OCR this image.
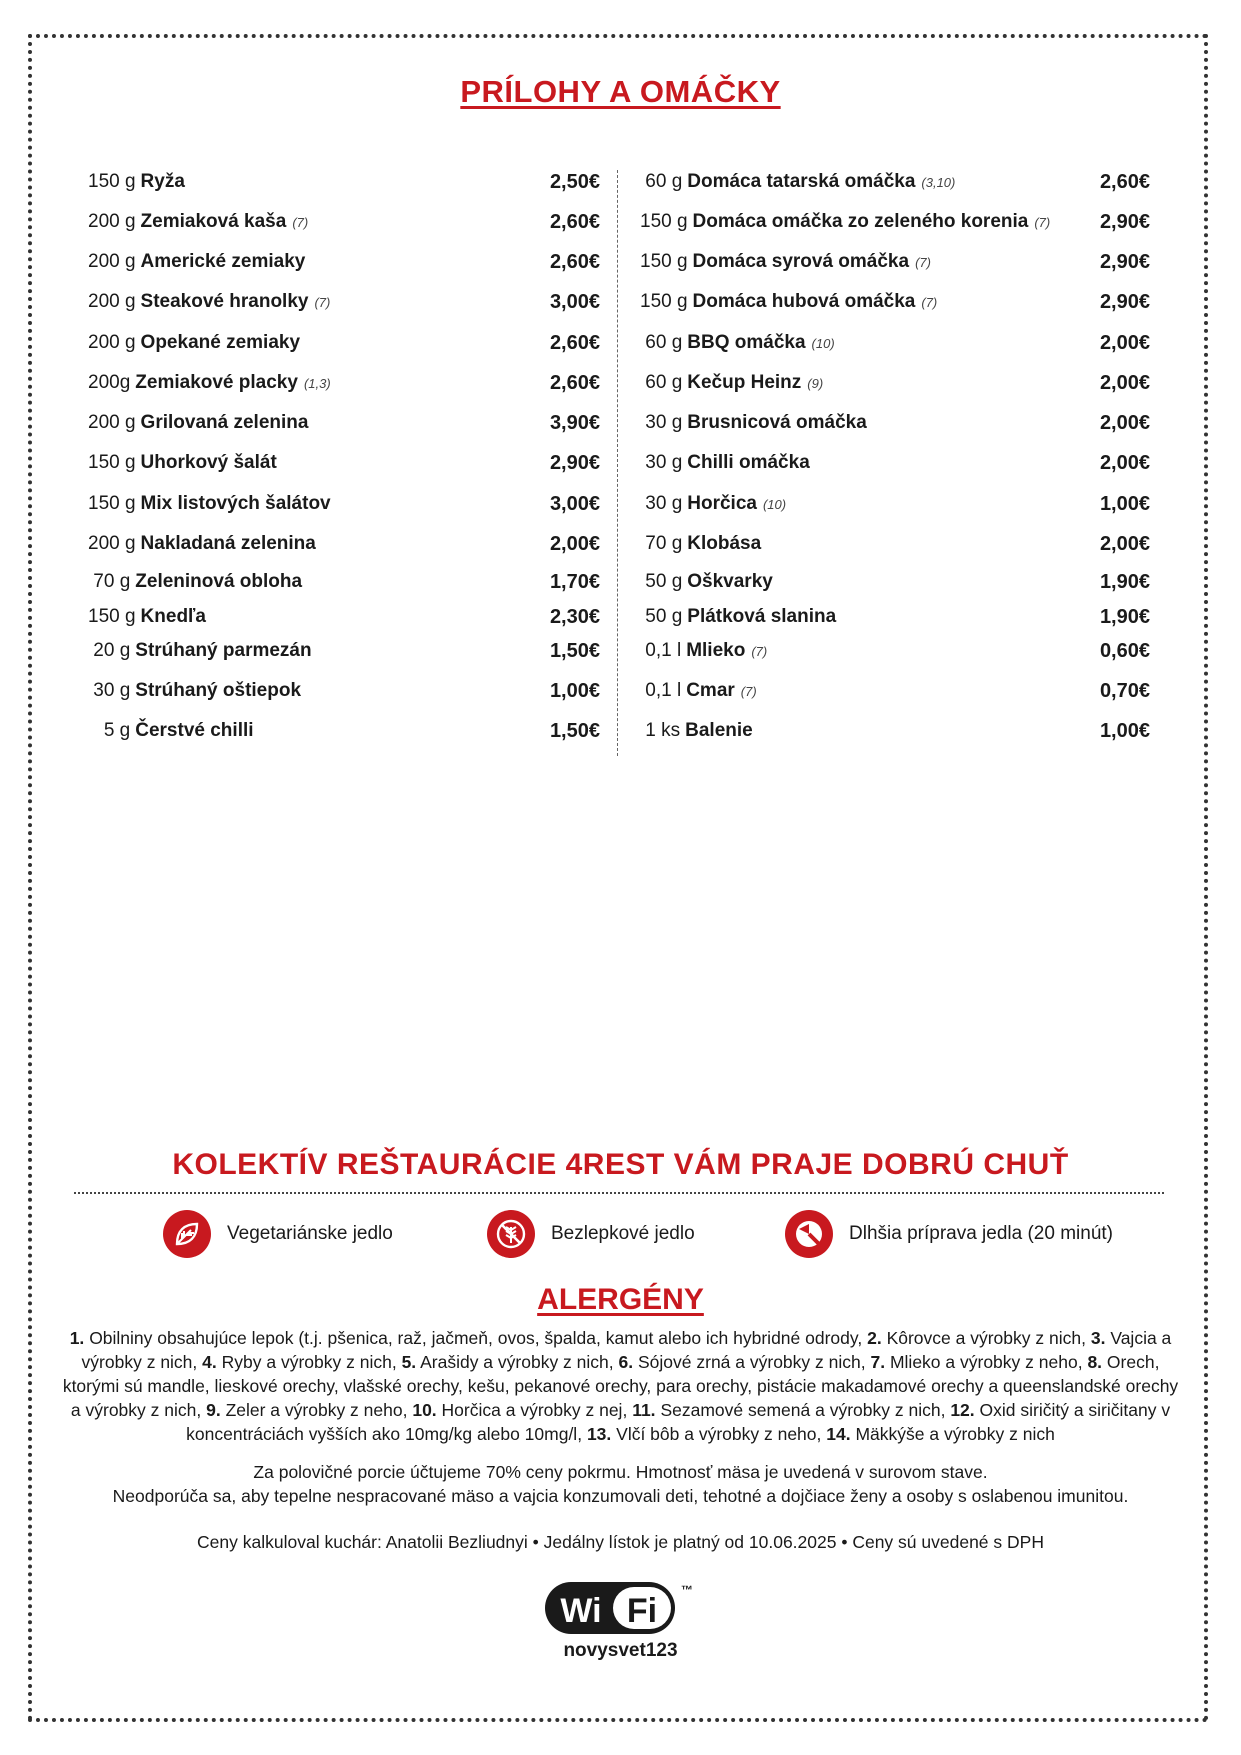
PRÍLOHY A OMÁČKY
150 g Ryža	2,50€
200 g Zemiaková kaša (7)	2,60€
200 g Americké zemiaky	2,60€
200 g Steakové hranolky (7)	3,00€
200 g Opekané zemiaky	2,60€
200g Zemiakové placky (1,3)	2,60€
200 g Grilovaná zelenina	3,90€
150 g Uhorkový šalát	2,90€
150 g Mix listových šalátov	3,00€
200 g Nakladaná zelenina	2,00€
70 g Zeleninová obloha	1,70€
150 g Knedľa	2,30€
20 g Strúhaný parmezán	1,50€
30 g Strúhaný oštiepok	1,00€
5 g Čerstvé chilli	1,50€
60 g Domáca tatarská omáčka (3,10)	2,60€
150 g Domáca omáčka zo zeleného korenia (7) 2,90€
150 g Domáca syrová omáčka (7)	2,90€
150 g Domáca hubová omáčka (7)	2,90€
60 g BBQ omáčka (10)	2,00€
60 g Kečup Heinz (9)	2,00€
30 g Brusnicová omáčka	2,00€
30 g Chilli omáčka	2,00€
30 g Horčica (10)	1,00€
70 g Klobása	2,00€
50 g Oškvarky	1,90€
50 g Plátková slanina	1,90€
0,1 l Mlieko (7)	0,60€
0,1 l Cmar (7)	0,70€
1 ks Balenie	1,00€
KOLEKTÍV REŠTAURÁCIE 4REST VÁM PRAJE DOBRÚ CHUŤ
Vegetariánske jedlo	Bezlepkové jedlo	Dlhšia príprava jedla (20 minút)
ALERGÉNY
1. Obilniny obsahujúce lepok (t.j. pšenica, raž, jačmeň, ovos, špalda, kamut alebo ich hybridné odrody, 2. Kôrovce a výrobky z nich, 3. Vajcia a výrobky z nich, 4. Ryby a výrobky z nich, 5. Arašidy a výrobky z nich, 6. Sójové zrná a výrobky z nich, 7. Mlieko a výrobky z neho, 8. Orech, ktorými sú mandle, lieskové orechy, vlašské orechy, kešu, pekanové orechy, para orechy, pistácie makadamové orechy a queenslandské orechy a výrobky z nich, 9. Zeler a výrobky z neho, 10. Horčica a výrobky z nej, 11. Sezamové semená a výrobky z nich, 12. Oxid siričitý a siričitany v koncentráciách vyšších ako 10mg/kg alebo 10mg/l, 13. Vlčí bôb a výrobky z neho, 14. Mäkkýše a výrobky z nich
Za polovičné porcie účtujeme 70% ceny pokrmu. Hmotnosť mäsa je uvedená v surovom stave.
Neodporúča sa, aby tepelne nespracované mäso a vajcia konzumovali deti, tehotné a dojčiace ženy a osoby s oslabenou imunitou.
Ceny kalkuloval kuchár: Anatolii Bezliudnyi • Jedálny lístok je platný od 10.06.2025 • Ceny sú uvedené s DPH
Wi Fi
™
novysvet123
